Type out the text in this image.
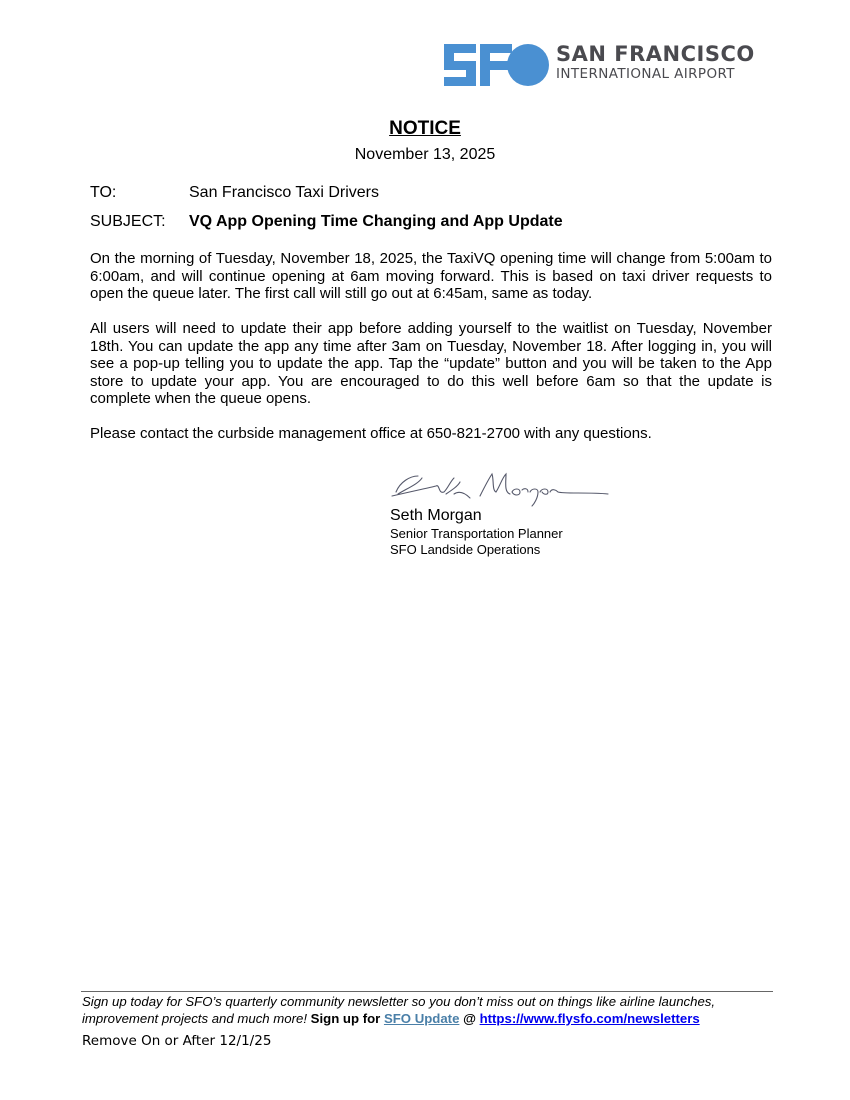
SAN FRANCISCO
INTERNATIONAL AIRPORT
NOTICE
November 13, 2025
TO:	San Francisco Taxi Drivers
SUBJECT: VQ App Opening Time Changing and App Update
On the morning of Tuesday, November 18, 2025, the TaxiVQ opening time will change from 5:00am to 6:00am, and will continue opening at 6am moving forward. This is based on taxi driver requests to open the queue later. The first call will still go out at 6:45am, same as today.
All users will need to update their app before adding yourself to the waitlist on Tuesday, November 18th. You can update the app any time after 3am on Tuesday, November 18. After logging in, you will see a pop-up telling you to update the app. Tap the “update” button and you will be taken to the App store to update your app. You are encouraged to do this well before 6am so that the update is complete when the queue opens.
Please contact the curbside management office at 650-821-2700 with any questions.
Seth Morgan
Senior Transportation Planner
SFO Landside Operations
Sign up today for SFO’s quarterly community newsletter so you don’t miss out on things like airline launches, improvement projects and much more! Sign up for SFO Update @ https://www.flysfo.com/newsletters
Remove On or After 12/1/25
